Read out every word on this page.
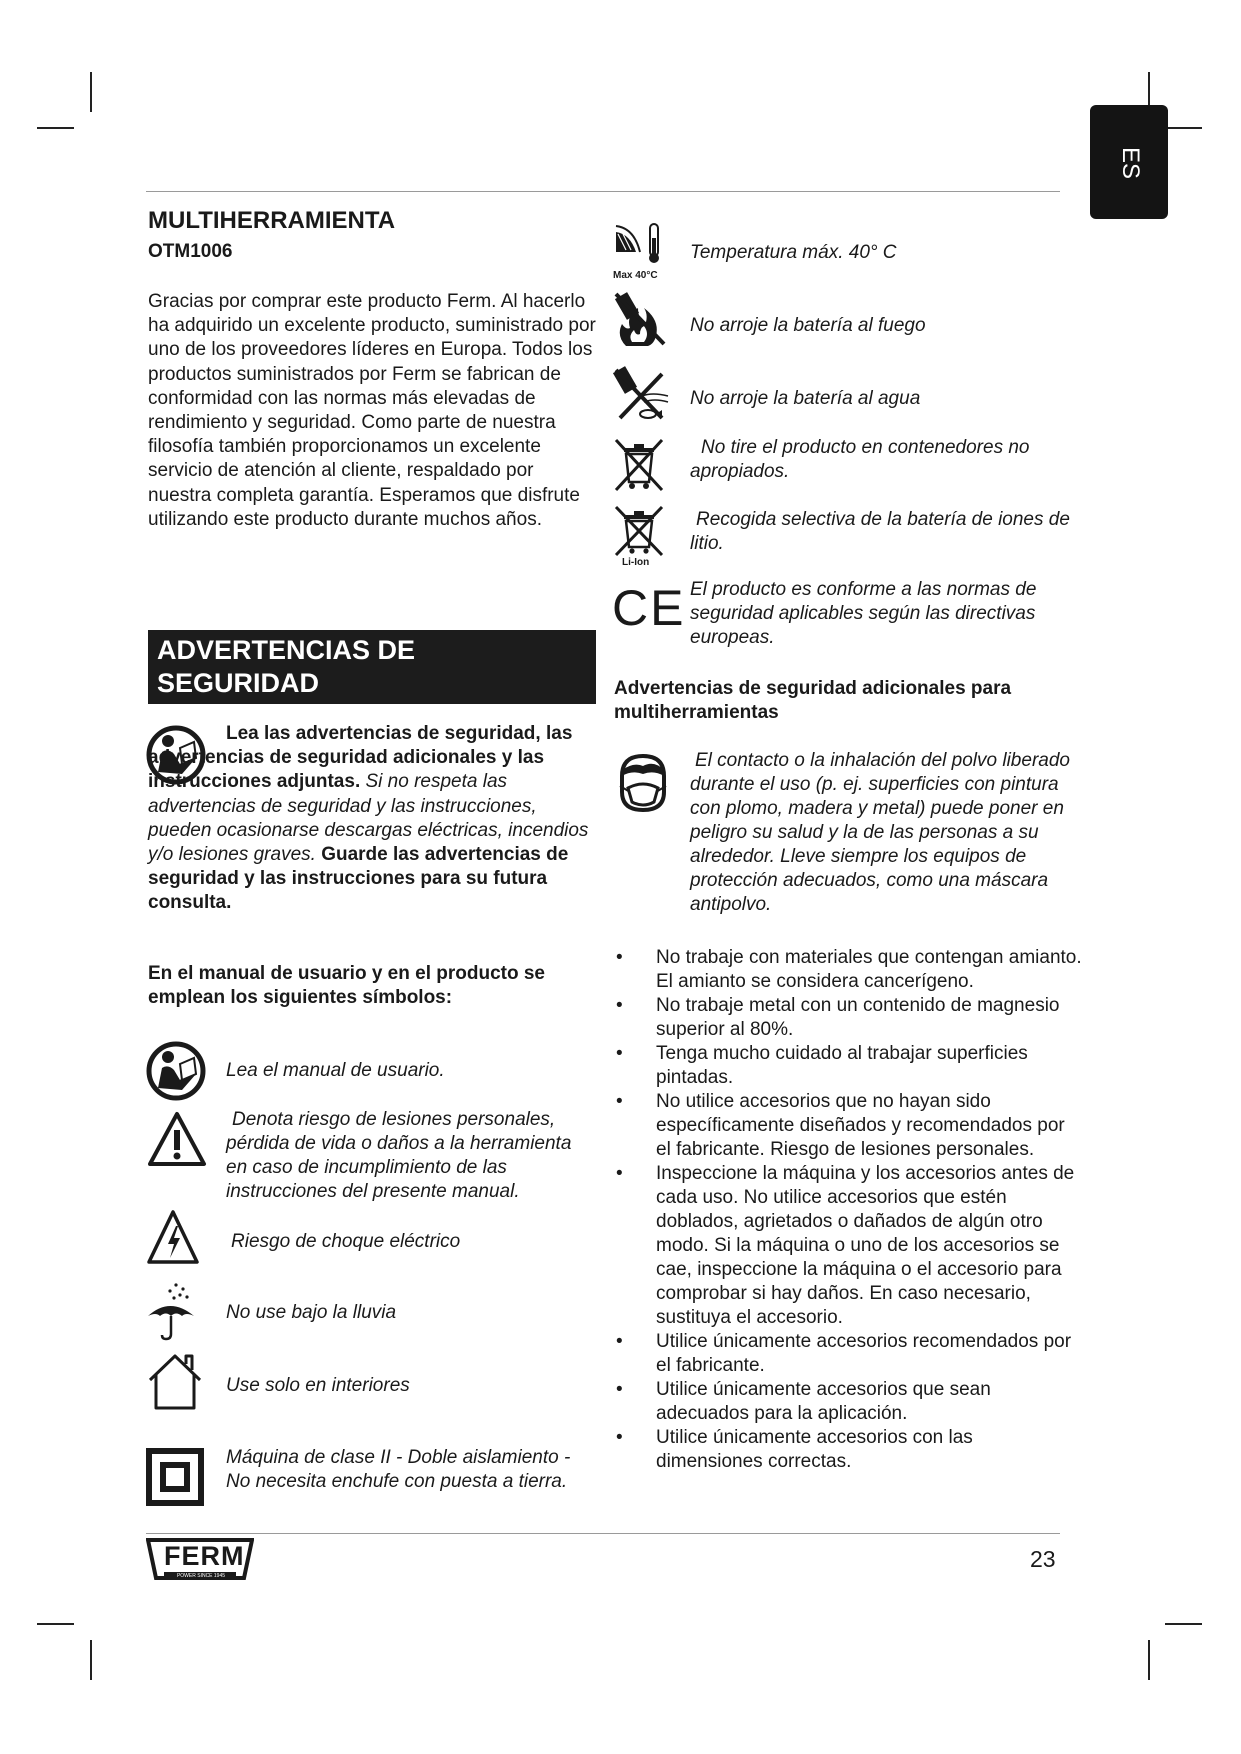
ES
MULTIHERRAMIENTA
OTM1006
Gracias por comprar este producto Ferm. Al hacerlo ha adquirido un excelente producto, suministrado por uno de los proveedores líderes en Europa. Todos los productos suministrados por Ferm se fabrican de conformidad con las normas más elevadas de rendimiento y seguridad. Como parte de nuestra filosofía también proporcionamos un excelente servicio de atención al cliente, respaldado por nuestra completa garantía. Esperamos que disfrute utilizando este producto durante muchos años.
ADVERTENCIAS DE
SEGURIDAD
Lea las advertencias de seguridad, las advertencias de seguridad adicionales y las instrucciones adjuntas. Si no respeta las advertencias de seguridad y las instrucciones, pueden ocasionarse descargas eléctricas, incendios y/o lesiones graves. Guarde las advertencias de seguridad y las instrucciones para su futura consulta.
En el manual de usuario y en el producto se emplean los siguientes símbolos:
Lea el manual de usuario.
Denota riesgo de lesiones personales, pérdida de vida o daños a la herramienta en caso de incumplimiento de las instrucciones del presente manual.
Riesgo de choque eléctrico
No use bajo la lluvia
Use solo en interiores
Máquina de clase II - Doble aislamiento - No necesita enchufe con puesta a tierra.
Max 40°C
Temperatura máx. 40° C
No arroje la batería al fuego
No arroje la batería al agua
No tire el producto en contenedores no apropiados.
Li-Ion
Recogida selectiva de la batería de iones de litio.
CE El producto es conforme a las normas de seguridad aplicables según las directivas europeas.
Advertencias de seguridad adicionales para multiherramientas
El contacto o la inhalación del polvo liberado durante el uso (p. ej. superficies con pintura con plomo, madera y metal) puede poner en peligro su salud y la de las personas a su alrededor. Lleve siempre los equipos de protección adecuados, como una máscara antipolvo.
• No trabaje con materiales que contengan amianto. El amianto se considera cancerígeno.
• No trabaje metal con un contenido de magnesio superior al 80%.
• Tenga mucho cuidado al trabajar superficies pintadas.
• No utilice accesorios que no hayan sido específicamente diseñados y recomendados por el fabricante. Riesgo de lesiones personales.
• Inspeccione la máquina y los accesorios antes de cada uso. No utilice accesorios que estén doblados, agrietados o dañados de algún otro modo. Si la máquina o uno de los accesorios se cae, inspeccione la máquina o el accesorio para comprobar si hay daños. En caso necesario, sustituya el accesorio.
• Utilice únicamente accesorios recomendados por el fabricante.
• Utilice únicamente accesorios que sean adecuados para la aplicación.
• Utilice únicamente accesorios con las dimensiones correctas.
FERM
POWER SINCE 1945
23
